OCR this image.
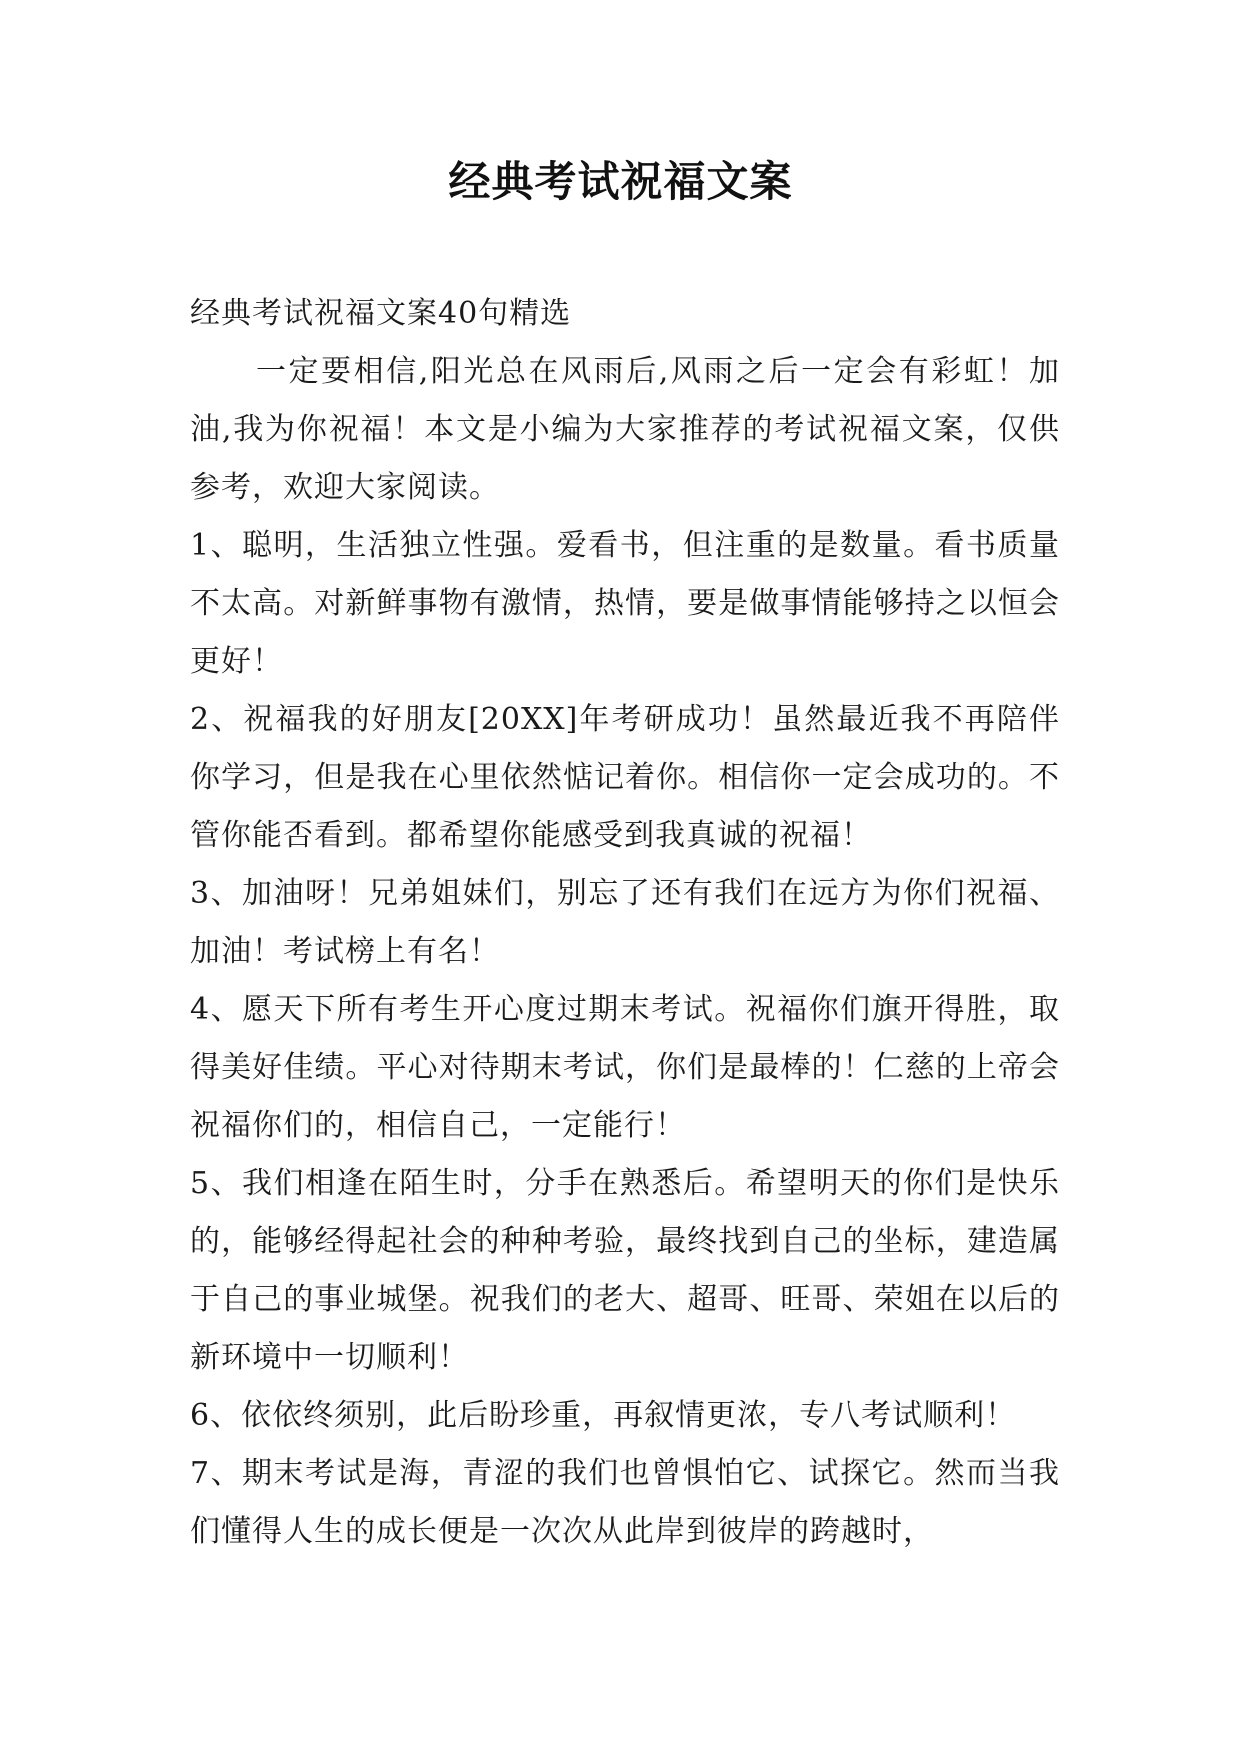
经典考试祝福文案

经典考试祝福文案40句精选

一定要相信,阳光总在风雨后,风雨之后一定会有彩虹！加油,我为你祝福！本文是小编为大家推荐的考试祝福文案，仅供参考，欢迎大家阅读。

1、聪明，生活独立性强。爱看书，但注重的是数量。看书质量不太高。对新鲜事物有激情，热情，要是做事情能够持之以恒会更好！

2、祝福我的好朋友[20XX]年考研成功！虽然最近我不再陪伴你学习，但是我在心里依然惦记着你。相信你一定会成功的。不管你能否看到。都希望你能感受到我真诚的祝福！

3、加油呀！兄弟姐妹们，别忘了还有我们在远方为你们祝福、加油！考试榜上有名！

4、愿天下所有考生开心度过期末考试。祝福你们旗开得胜，取得美好佳绩。平心对待期末考试，你们是最棒的！仁慈的上帝会祝福你们的，相信自己，一定能行！

5、我们相逢在陌生时，分手在熟悉后。希望明天的你们是快乐的，能够经得起社会的种种考验，最终找到自己的坐标，建造属于自己的事业城堡。祝我们的老大、超哥、旺哥、荣姐在以后的新环境中一切顺利！

6、依依终须别，此后盼珍重，再叙情更浓，专八考试顺利！

7、期末考试是海，青涩的我们也曾惧怕它、试探它。然而当我们懂得人生的成长便是一次次从此岸到彼岸的跨越时，
